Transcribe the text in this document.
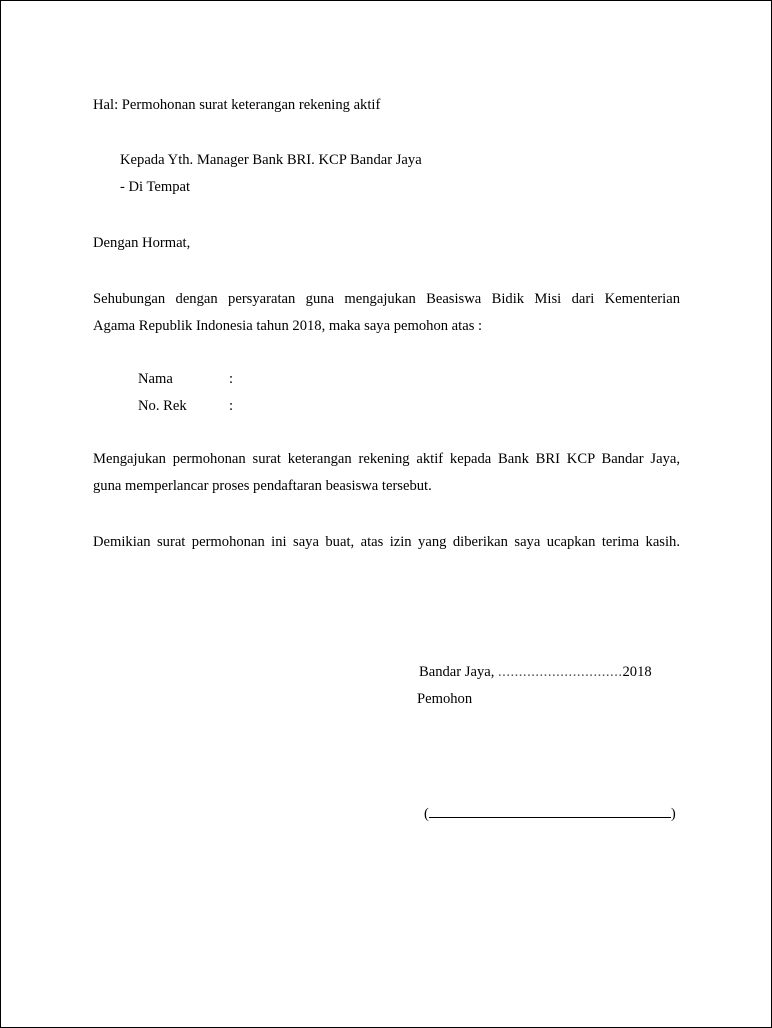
Hal: Permohonan surat keterangan rekening aktif
Kepada Yth. Manager Bank BRI. KCP Bandar Jaya
- Di Tempat
Dengan Hormat,
Sehubungan dengan persyaratan guna mengajukan Beasiswa Bidik Misi dari Kementerian
Agama Republik Indonesia tahun 2018, maka saya pemohon atas :
Nama	:
No. Rek	:
Mengajukan permohonan surat keterangan rekening aktif kepada Bank BRI KCP Bandar Jaya,
guna memperlancar proses pendaftaran beasiswa tersebut.
Demikian surat permohonan ini saya buat, atas izin yang diberikan saya ucapkan terima kasih.
Bandar Jaya, ..............................2018
Pemohon
(	)
